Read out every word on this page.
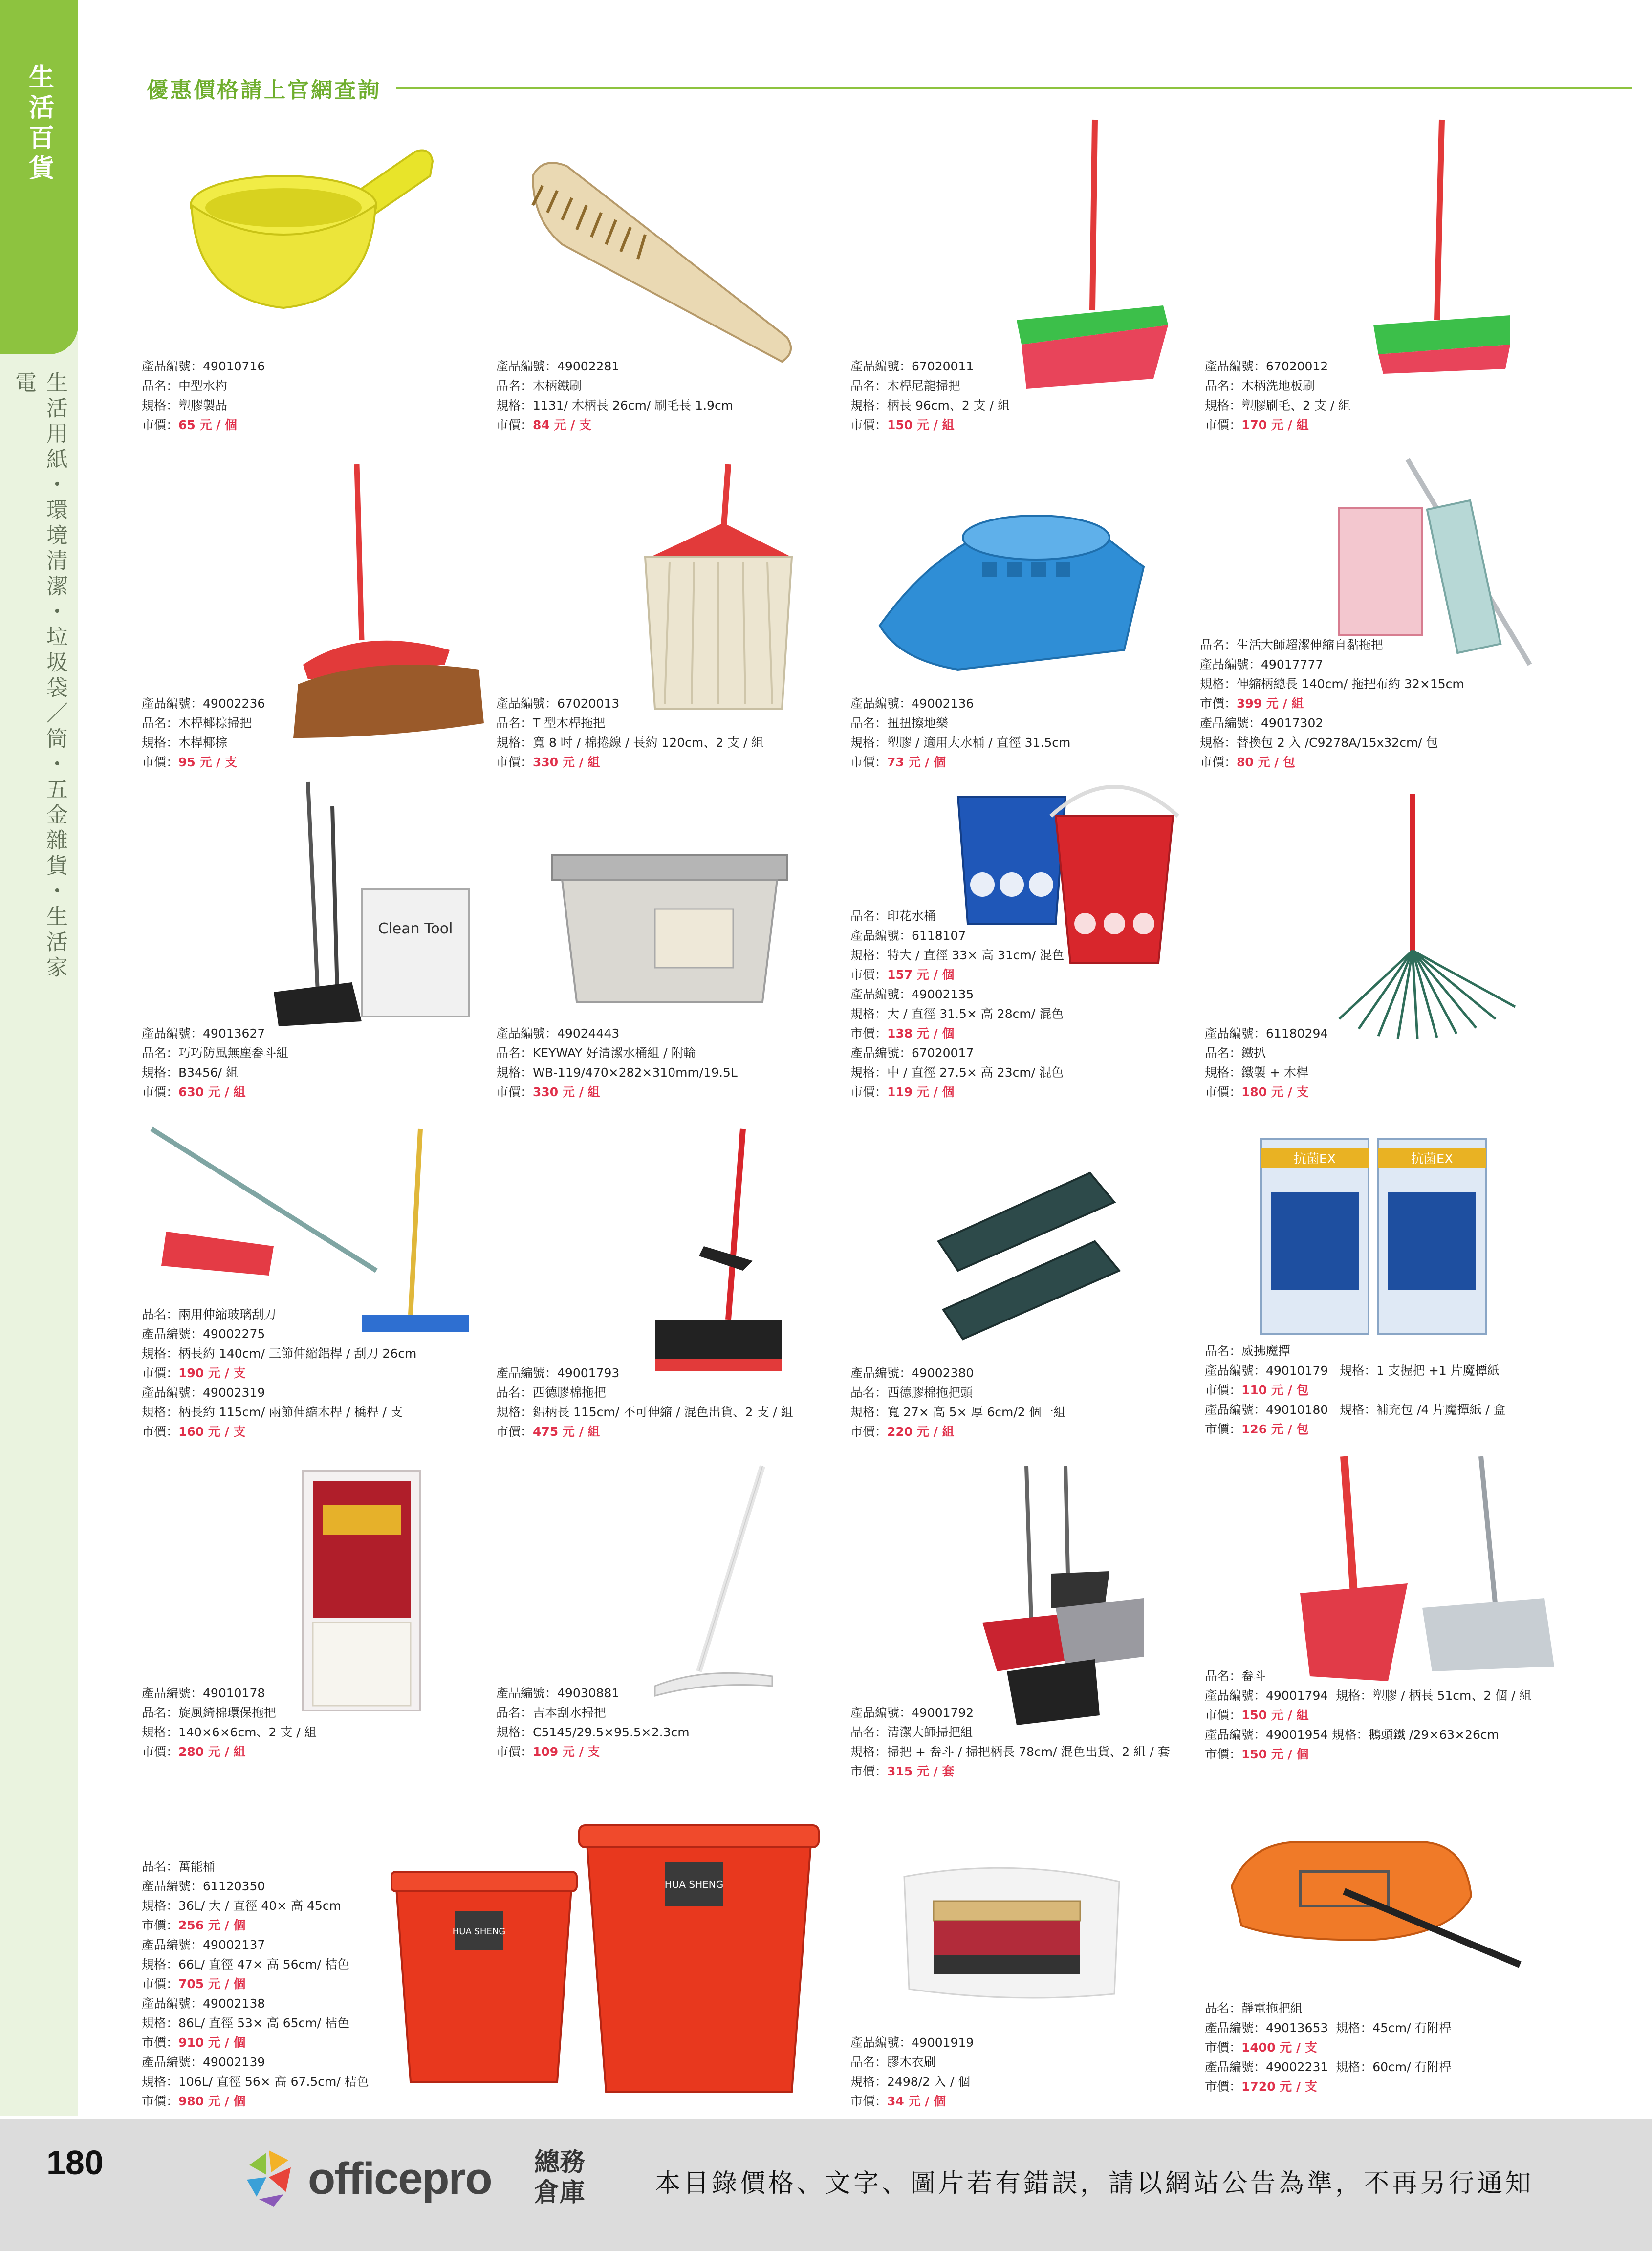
生活百貨
生活用紙・環境清潔・垃圾袋／筒・五金雜貨・生活家電
優惠價格請上官網查詢
產品編號：49010716
品名：中型水杓
規格：塑膠製品
市價：65 元 / 個
產品編號：49002281
品名：木柄鐵刷
規格：1131/ 木柄長 26cm/ 刷毛長 1.9cm
市價：84 元 / 支
產品編號：67020011
品名：木桿尼龍掃把
規格：柄長 96cm、2 支 / 組
市價：150 元 / 組
產品編號：67020012
品名：木柄洗地板刷
規格：塑膠刷毛、2 支 / 組
市價：170 元 / 組
產品編號：49002236
品名：木桿椰棕掃把
規格：木桿椰棕
市價：95 元 / 支
產品編號：67020013
品名：T 型木桿拖把
規格：寬 8 吋 / 棉捲線 / 長約 120cm、2 支 / 組
市價：330 元 / 組
產品編號：49002136
品名：扭扭擦地樂
規格：塑膠 / 適用大水桶 / 直徑 31.5cm
市價：73 元 / 個
品名：生活大師超潔伸縮自黏拖把
產品編號：49017777
規格：伸縮柄總長 140cm/ 拖把布約 32×15cm
市價：399 元 / 組
產品編號：49017302
規格：替換包 2 入 /C9278A/15x32cm/ 包
市價：80 元 / 包
Clean Tool
產品編號：49013627
品名：巧巧防風無塵畚斗組
規格：B3456/ 組
市價：630 元 / 組
產品編號：49024443
品名：KEYWAY 好清潔水桶組 / 附輪
規格：WB-119/470×282×310mm/19.5L
市價：330 元 / 組
品名：印花水桶
產品編號：6118107
規格：特大 / 直徑 33× 高 31cm/ 混色
市價：157 元 / 個
產品編號：49002135
規格：大 / 直徑 31.5× 高 28cm/ 混色
市價：138 元 / 個
產品編號：67020017
規格：中 / 直徑 27.5× 高 23cm/ 混色
市價：119 元 / 個
產品編號：61180294
品名：鐵扒
規格：鐵製 + 木桿
市價：180 元 / 支
品名：兩用伸縮玻璃刮刀
產品編號：49002275
規格：柄長約 140cm/ 三節伸縮鋁桿 / 刮刀 26cm
市價：190 元 / 支
產品編號：49002319
規格：柄長約 115cm/ 兩節伸縮木桿 / 橋桿 / 支
市價：160 元 / 支
產品編號：49001793
品名：西德膠棉拖把
規格：鋁柄長 115cm/ 不可伸縮 / 混色出貨、2 支 / 組
市價：475 元 / 組
產品編號：49002380
品名：西德膠棉拖把頭
規格：寬 27× 高 5× 厚 6cm/2 個一組
市價：220 元 / 組
抗菌EX	抗菌EX
品名：威拂魔撢
產品編號：49010179 規格：1 支握把 +1 片魔撢紙
市價：110 元 / 包
產品編號：49010180 規格：補充包 /4 片魔撢紙 / 盒
市價：126 元 / 包
產品編號：49010178
品名：旋風綺棉環保拖把
規格：140×6×6cm、2 支 / 組
市價：280 元 / 組
產品編號：49030881
品名：吉本刮水掃把
規格：C5145/29.5×95.5×2.3cm
市價：109 元 / 支
產品編號：49001792
品名：清潔大師掃把組
規格：掃把 + 畚斗 / 掃把柄長 78cm/ 混色出貨、2 組 / 套
市價：315 元 / 套
品名：畚斗
產品編號：49001794 規格：塑膠 / 柄長 51cm、2 個 / 組
市價：150 元 / 組
產品編號：49001954 規格：鵝頭鐵 /29×63×26cm
市價：150 元 / 個
HUA SHENG
HUA SHENG
品名：萬能桶
產品編號：61120350
規格：36L/ 大 / 直徑 40× 高 45cm
市價：256 元 / 個
產品編號：49002137
規格：66L/ 直徑 47× 高 56cm/ 桔色
市價：705 元 / 個
產品編號：49002138
規格：86L/ 直徑 53× 高 65cm/ 桔色
市價：910 元 / 個
產品編號：49002139
規格：106L/ 直徑 56× 高 67.5cm/ 桔色
市價：980 元 / 個
產品編號：49001919
品名：膠木衣刷
規格：2498/2 入 / 個
市價：34 元 / 個
品名：靜電拖把組
產品編號：49013653 規格：45cm/ 有附桿
市價：1400 元 / 支
產品編號：49002231 規格：60cm/ 有附桿
市價：1720 元 / 支
180	officepro 總務倉庫	本目錄價格、文字、圖片若有錯誤，請以網站公告為準，不再另行通知
